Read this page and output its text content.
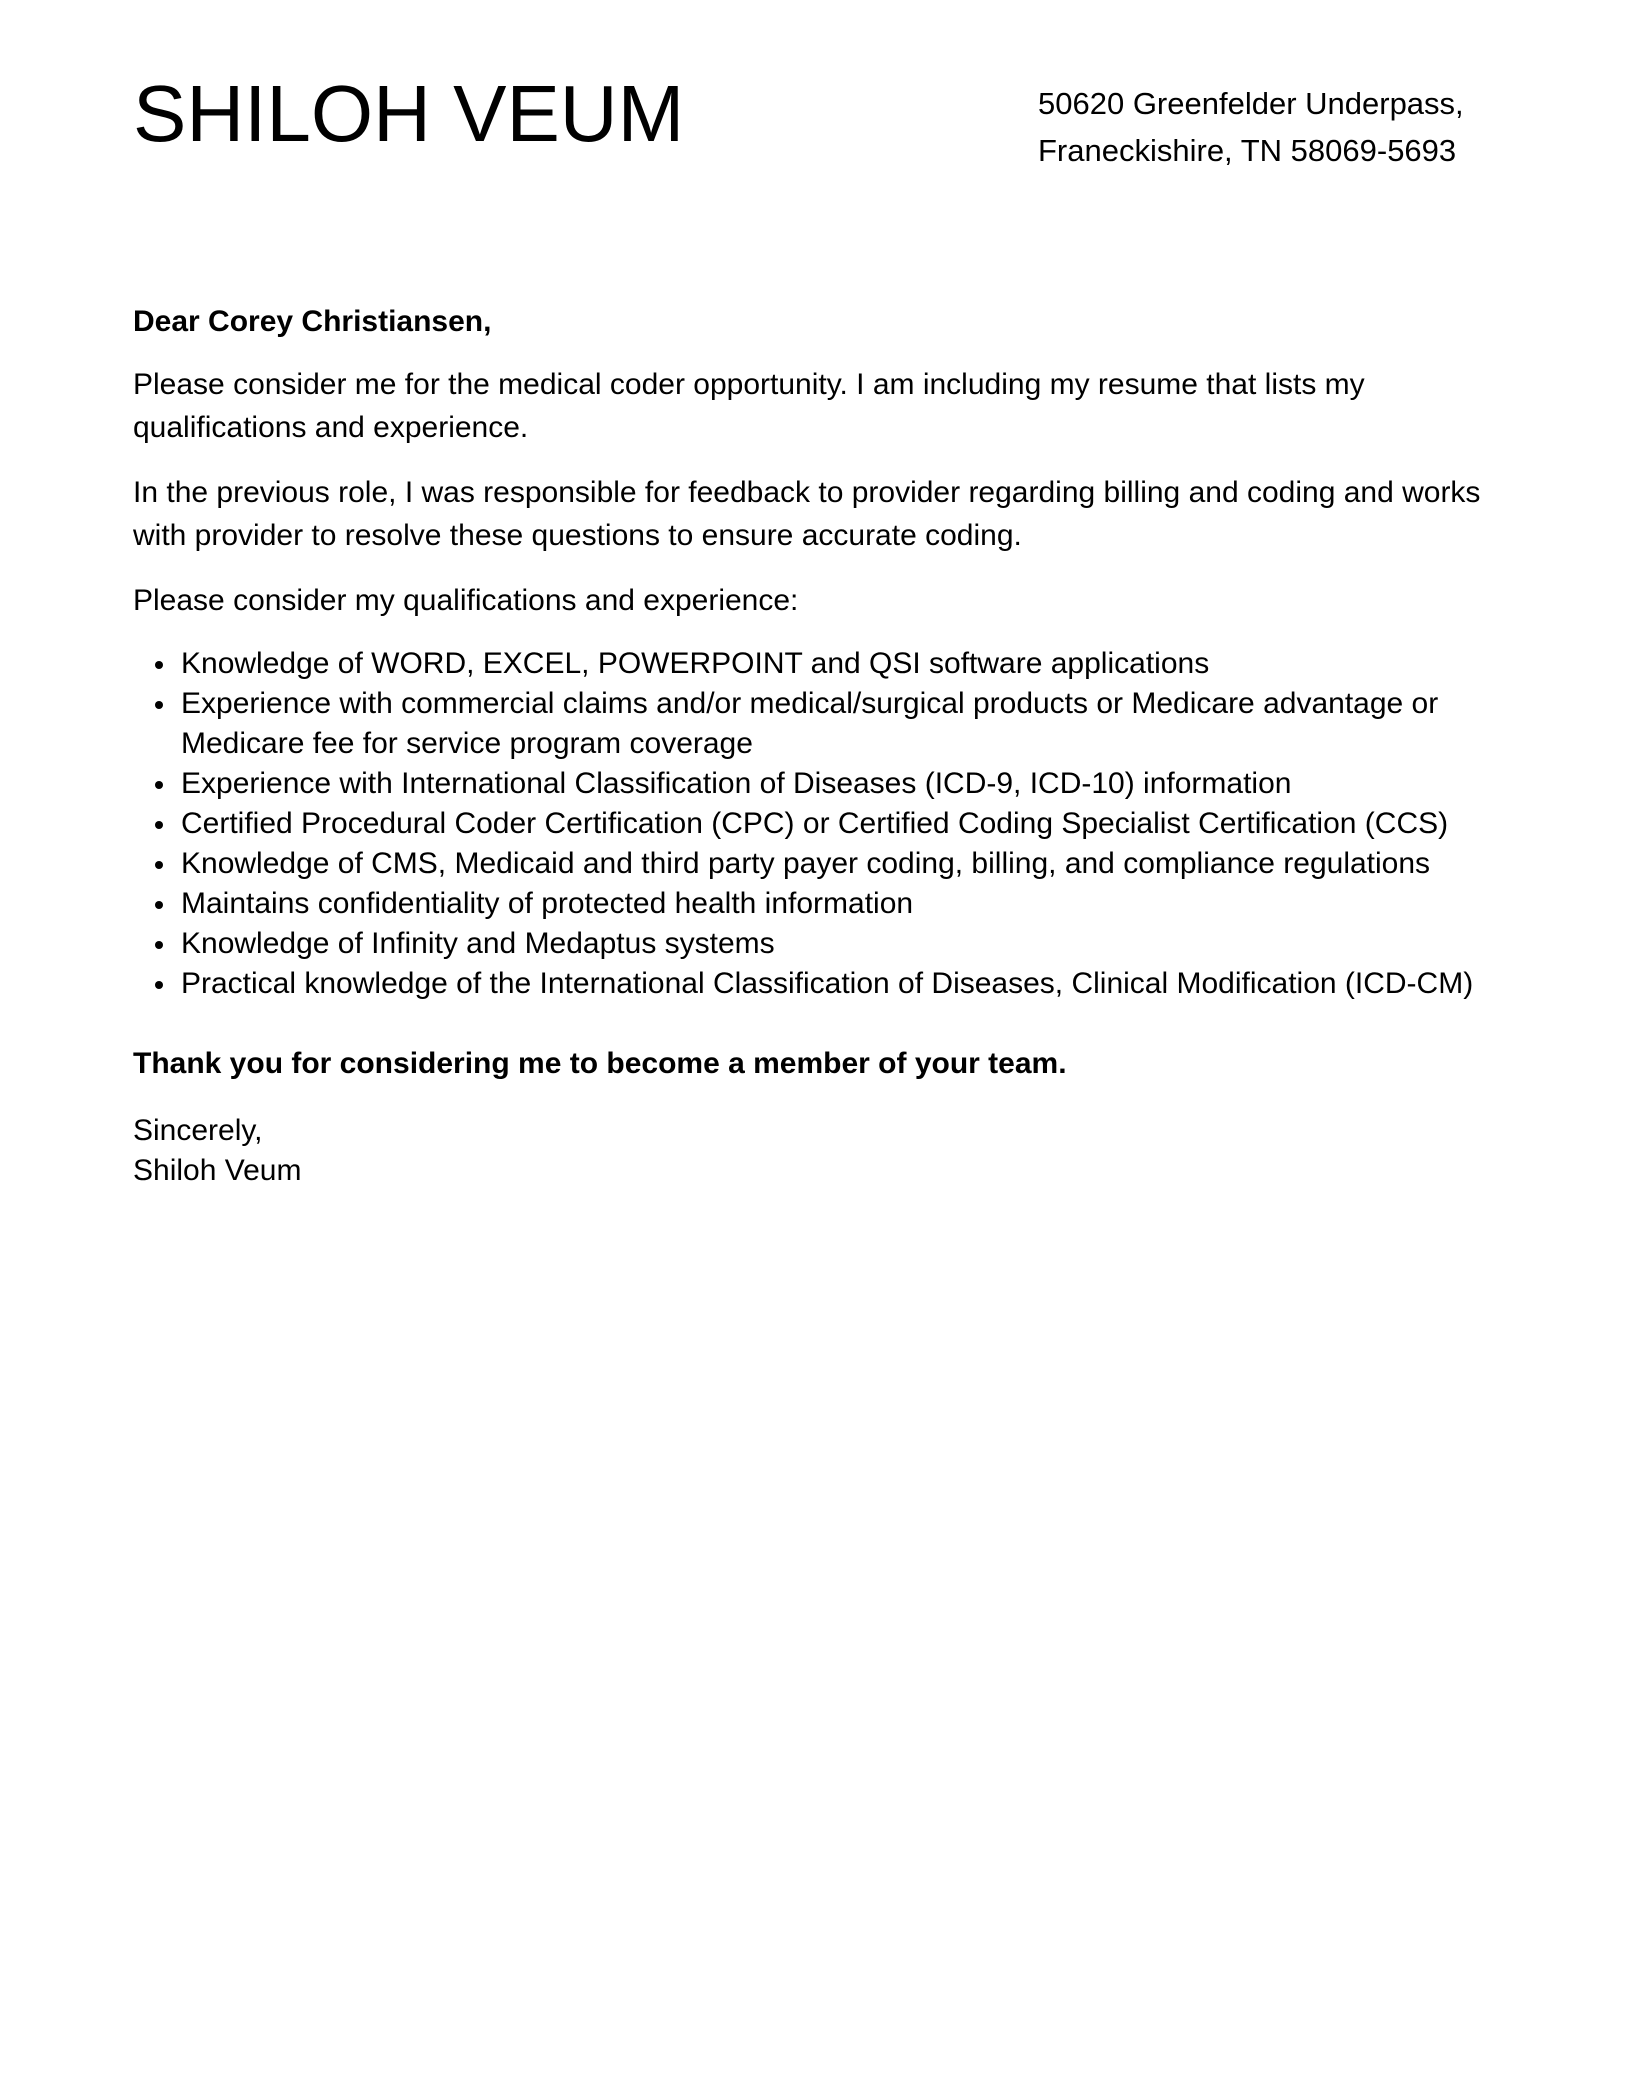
SHILOH VEUM	50620 Greenfelder Underpass,
Franeckishire, TN 58069-5693

Dear Corey Christiansen,

Please consider me for the medical coder opportunity. I am including my resume that lists my qualifications and experience.

In the previous role, I was responsible for feedback to provider regarding billing and coding and works with provider to resolve these questions to ensure accurate coding.

Please consider my qualifications and experience:

Knowledge of WORD, EXCEL, POWERPOINT and QSI software applications
Experience with commercial claims and/or medical/surgical products or Medicare advantage or Medicare fee for service program coverage
Experience with International Classification of Diseases (ICD-9, ICD-10) information
Certified Procedural Coder Certification (CPC) or Certified Coding Specialist Certification (CCS)
Knowledge of CMS, Medicaid and third party payer coding, billing, and compliance regulations
Maintains confidentiality of protected health information
Knowledge of Infinity and Medaptus systems
Practical knowledge of the International Classification of Diseases, Clinical Modification (ICD-CM)

Thank you for considering me to become a member of your team.

Sincerely,
Shiloh Veum
